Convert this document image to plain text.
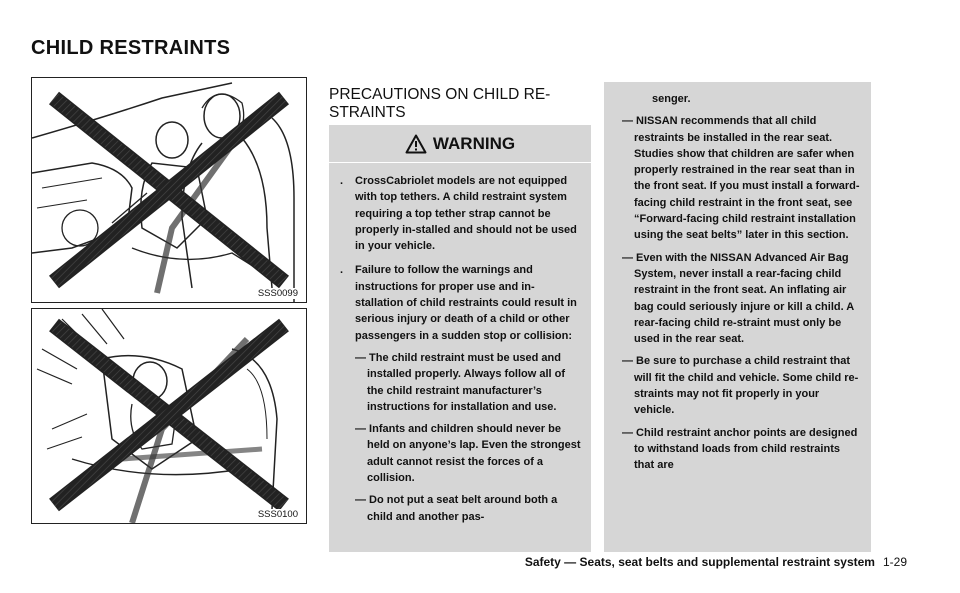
CHILD RESTRAINTS
SSS0099
SSS0100
PRECAUTIONS ON CHILD RE-STRAINTS
WARNING
. CrossCabriolet models are not equipped with top tethers. A child restraint system requiring a top tether strap cannot be properly in-stalled and should not be used in your vehicle.
. Failure to follow the warnings and instructions for proper use and in-stallation of child restraints could result in serious injury or death of a child or other passengers in a sudden stop or collision:
— The child restraint must be used and installed properly. Always follow all of the child restraint manufacturer’s instructions for installation and use.
— Infants and children should never be held on anyone’s lap. Even the strongest adult cannot resist the forces of a collision.
— Do not put a seat belt around both a child and another pas-
senger.
— NISSAN recommends that all child restraints be installed in the rear seat. Studies show that children are safer when properly restrained in the rear seat than in the front seat. If you must install a forward-facing child restraint in the front seat, see “Forward-facing child restraint installation using the seat belts” later in this section.
— Even with the NISSAN Advanced Air Bag System, never install a rear-facing child restraint in the front seat. An inflating air bag could seriously injure or kill a child. A rear-facing child re-straint must only be used in the rear seat.
— Be sure to purchase a child restraint that will fit the child and vehicle. Some child re-straints may not fit properly in your vehicle.
— Child restraint anchor points are designed to withstand loads from child restraints that are
Safety — Seats, seat belts and supplemental restraint system 1-29
